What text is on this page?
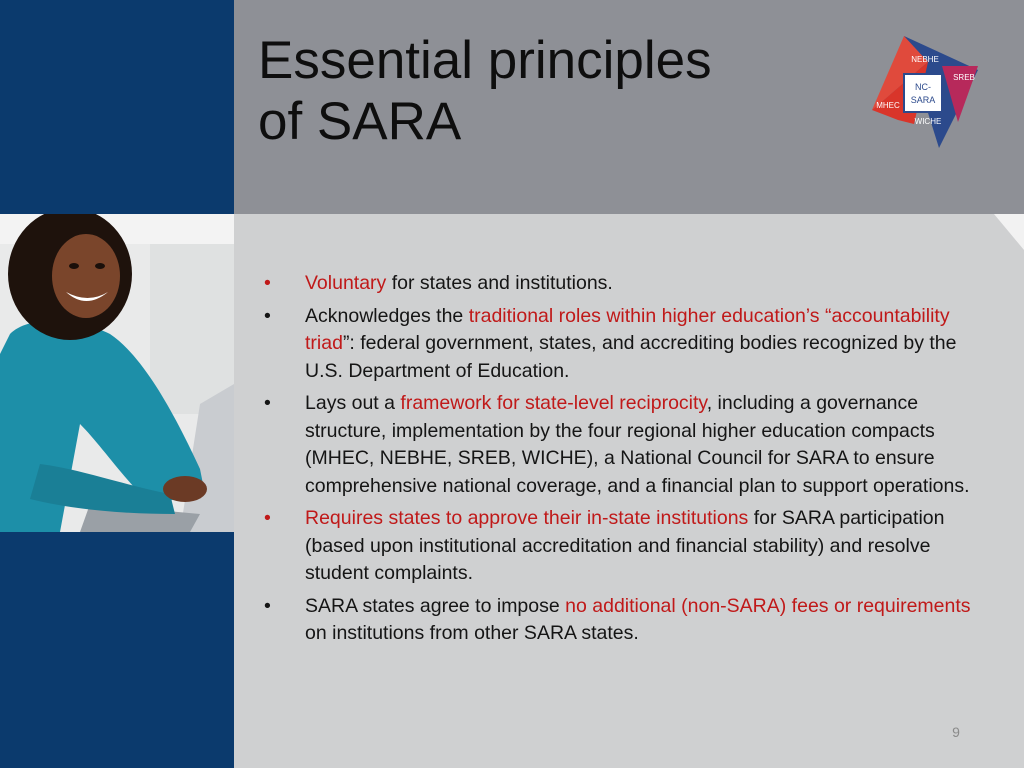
Essential principles
of SARA
NEBHE
SREB
MHEC
WICHE
NC-
SARA
• Voluntary for states and institutions.
• Acknowledges the traditional roles within higher education’s “accountability triad”: federal government, states, and accrediting bodies recognized by the U.S. Department of Education.
• Lays out a framework for state-level reciprocity, including a governance structure, implementation by the four regional higher education compacts (MHEC, NEBHE, SREB, WICHE), a National Council for SARA to ensure comprehensive national coverage, and a financial plan to support operations.
• Requires states to approve their in-state institutions for SARA participation (based upon institutional accreditation and financial stability) and resolve student complaints.
• SARA states agree to impose no additional (non-SARA) fees or requirements on institutions from other SARA states.
9
